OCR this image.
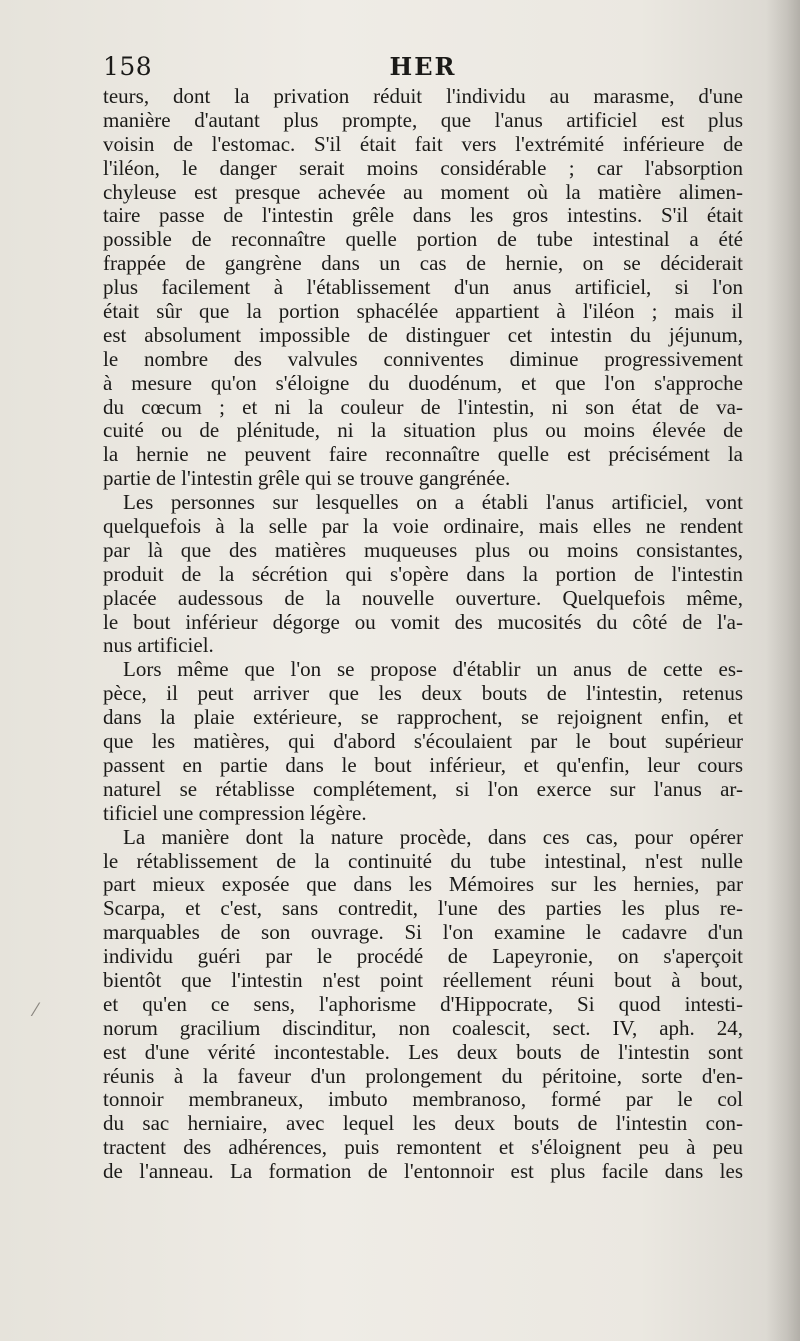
158	HER
⁄
teurs, dont la privation réduit l'individu au marasme, d'une
manière d'autant plus prompte, que l'anus artificiel est plus
voisin de l'estomac. S'il était fait vers l'extrémité inférieure de
l'iléon, le danger serait moins considérable ; car l'absorption
chyleuse est presque achevée au moment où la matière alimen-
taire passe de l'intestin grêle dans les gros intestins. S'il était
possible de reconnaître quelle portion de tube intestinal a été
frappée de gangrène dans un cas de hernie, on se déciderait
plus facilement à l'établissement d'un anus artificiel, si l'on
était sûr que la portion sphacélée appartient à l'iléon ; mais il
est absolument impossible de distinguer cet intestin du jéjunum,
le nombre des valvules conniventes diminue progressivement
à mesure qu'on s'éloigne du duodénum, et que l'on s'approche
du cœcum ; et ni la couleur de l'intestin, ni son état de va-
cuité ou de plénitude, ni la situation plus ou moins élevée de
la hernie ne peuvent faire reconnaître quelle est précisément la
partie de l'intestin grêle qui se trouve gangrénée.
Les personnes sur lesquelles on a établi l'anus artificiel, vont
quelquefois à la selle par la voie ordinaire, mais elles ne rendent
par là que des matières muqueuses plus ou moins consistantes,
produit de la sécrétion qui s'opère dans la portion de l'intestin
placée audessous de la nouvelle ouverture. Quelquefois même,
le bout inférieur dégorge ou vomit des mucosités du côté de l'a-
nus artificiel.
Lors même que l'on se propose d'établir un anus de cette es-
pèce, il peut arriver que les deux bouts de l'intestin, retenus
dans la plaie extérieure, se rapprochent, se rejoignent enfin, et
que les matières, qui d'abord s'écoulaient par le bout supérieur
passent en partie dans le bout inférieur, et qu'enfin, leur cours
naturel se rétablisse complétement, si l'on exerce sur l'anus ar-
tificiel une compression légère.
La manière dont la nature procède, dans ces cas, pour opérer
le rétablissement de la continuité du tube intestinal, n'est nulle
part mieux exposée que dans les Mémoires sur les hernies, par
Scarpa, et c'est, sans contredit, l'une des parties les plus re-
marquables de son ouvrage. Si l'on examine le cadavre d'un
individu guéri par le procédé de Lapeyronie, on s'aperçoit
bientôt que l'intestin n'est point réellement réuni bout à bout,
et qu'en ce sens, l'aphorisme d'Hippocrate, Si quod intesti-
norum gracilium discinditur, non coalescit, sect. IV, aph. 24,
est d'une vérité incontestable. Les deux bouts de l'intestin sont
réunis à la faveur d'un prolongement du péritoine, sorte d'en-
tonnoir membraneux, imbuto membranoso, formé par le col
du sac herniaire, avec lequel les deux bouts de l'intestin con-
tractent des adhérences, puis remontent et s'éloignent peu à peu
de l'anneau. La formation de l'entonnoir est plus facile dans les
